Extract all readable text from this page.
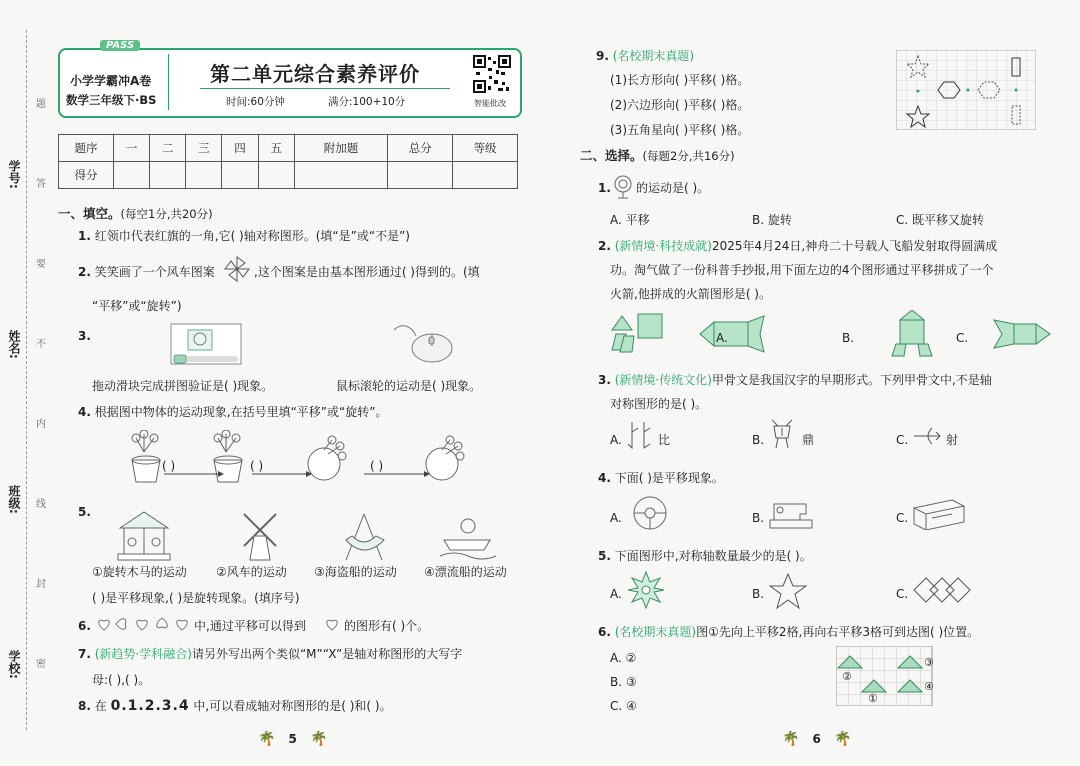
学号:
姓名:
班级:
学校:
题
答
要
不
内
线
封
密
PASS
小学学霸冲A卷
数学三年级下·BS
第二单元综合素养评价
时间:60分钟	满分:100+10分	智能批改
题序	一	二	三	四	五	附加题	总分	等级
得分								
一、填空。(每空1分,共20分)
1. 红领巾代表红旗的一角,它( )轴对称图形。(填“是”或“不是”)
2. 笑笑画了一个风车图案	,这个图案是由基本图形通过( )得到的。(填
“平移”或“旋转”)
3.
拖动滑块完成拼图验证是( )现象。	鼠标滚轮的运动是( )现象。
4. 根据图中物体的运动现象,在括号里填“平移”或“旋转”。
( )	( )	( )
5.
①旋转木马的运动 ②风车的运动 ③海盗船的运动 ④漂流船的运动
( )是平移现象,( )是旋转现象。(填序号)
6.	中,通过平移可以得到	的图形有( )个。
7. (新趋势·学科融合)请另外写出两个类似“M”“X”是轴对称图形的大写字
母:( ),( )。
8. 在 0.1.2.3.4 中,可以看成轴对称图形的是( )和( )。
🌴 5 🌴
9. (名校期末真题)
(1)长方形向( )平移( )格。
(2)六边形向( )平移( )格。
(3)五角星向( )平移( )格。
二、选择。(每题2分,共16分)
1. 的运动是( )。
A. 平移	B. 旋转	C. 既平移又旋转
2. (新情境·科技成就)2025年4月24日,神舟二十号载人飞船发射取得圆满成
功。淘气做了一份科普手抄报,用下面左边的4个图形通过平移拼成了一个
火箭,他拼成的火箭图形是( )。
A.	B.	C.
3. (新情境·传统文化)甲骨文是我国汉字的早期形式。下列甲骨文中,不是轴
对称图形的是( )。
A.	比	B.	鼎	C.	射
4. 下面( )是平移现象。
A.	B.	C.
5. 下面图形中,对称轴数量最少的是( )。
A.	B.	C.
6. (名校期末真题)图①先向上平移2格,再向右平移3格可到达图( )位置。
A. ②
B. ③
C. ④
②
①
③
④
🌴 6 🌴
